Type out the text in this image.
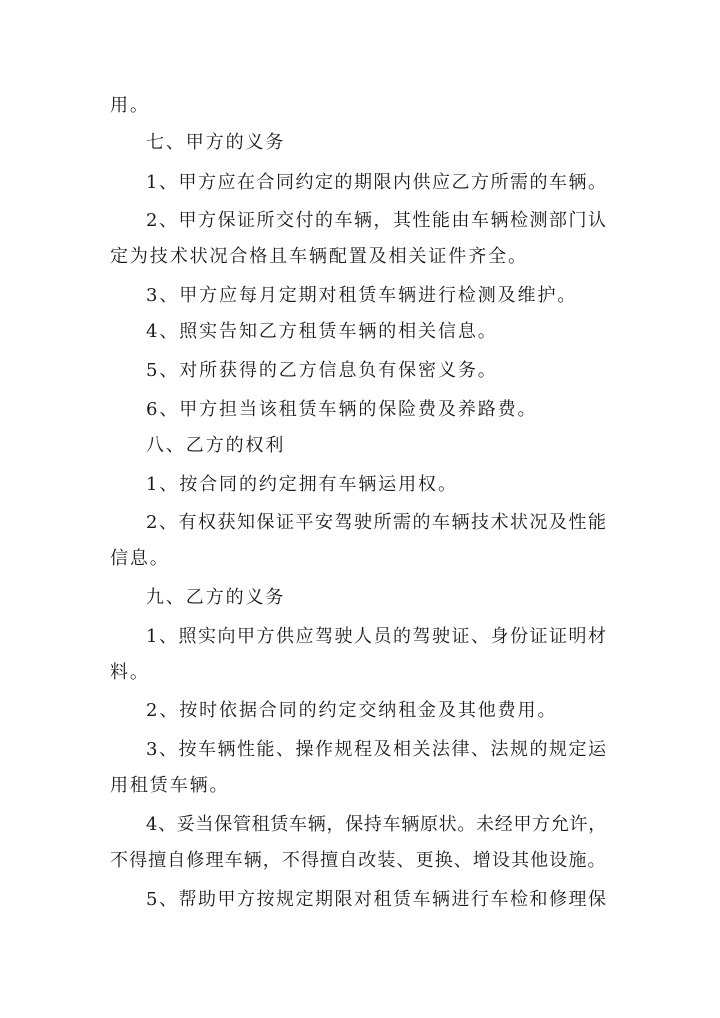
用。
七、甲方的义务
1、甲方应在合同约定的期限内供应乙方所需的车辆。
2、甲方保证所交付的车辆，其性能由车辆检测部门认
定为技术状况合格且车辆配置及相关证件齐全。
3、甲方应每月定期对租赁车辆进行检测及维护。
4、照实告知乙方租赁车辆的相关信息。
5、对所获得的乙方信息负有保密义务。
6、甲方担当该租赁车辆的保险费及养路费。
八、乙方的权利
1、按合同的约定拥有车辆运用权。
2、有权获知保证平安驾驶所需的车辆技术状况及性能
信息。
九、乙方的义务
1、照实向甲方供应驾驶人员的驾驶证、身份证证明材
料。
2、按时依据合同的约定交纳租金及其他费用。
3、按车辆性能、操作规程及相关法律、法规的规定运
用租赁车辆。
4、妥当保管租赁车辆，保持车辆原状。未经甲方允许，
不得擅自修理车辆，不得擅自改装、更换、增设其他设施。
5、帮助甲方按规定期限对租赁车辆进行车检和修理保
